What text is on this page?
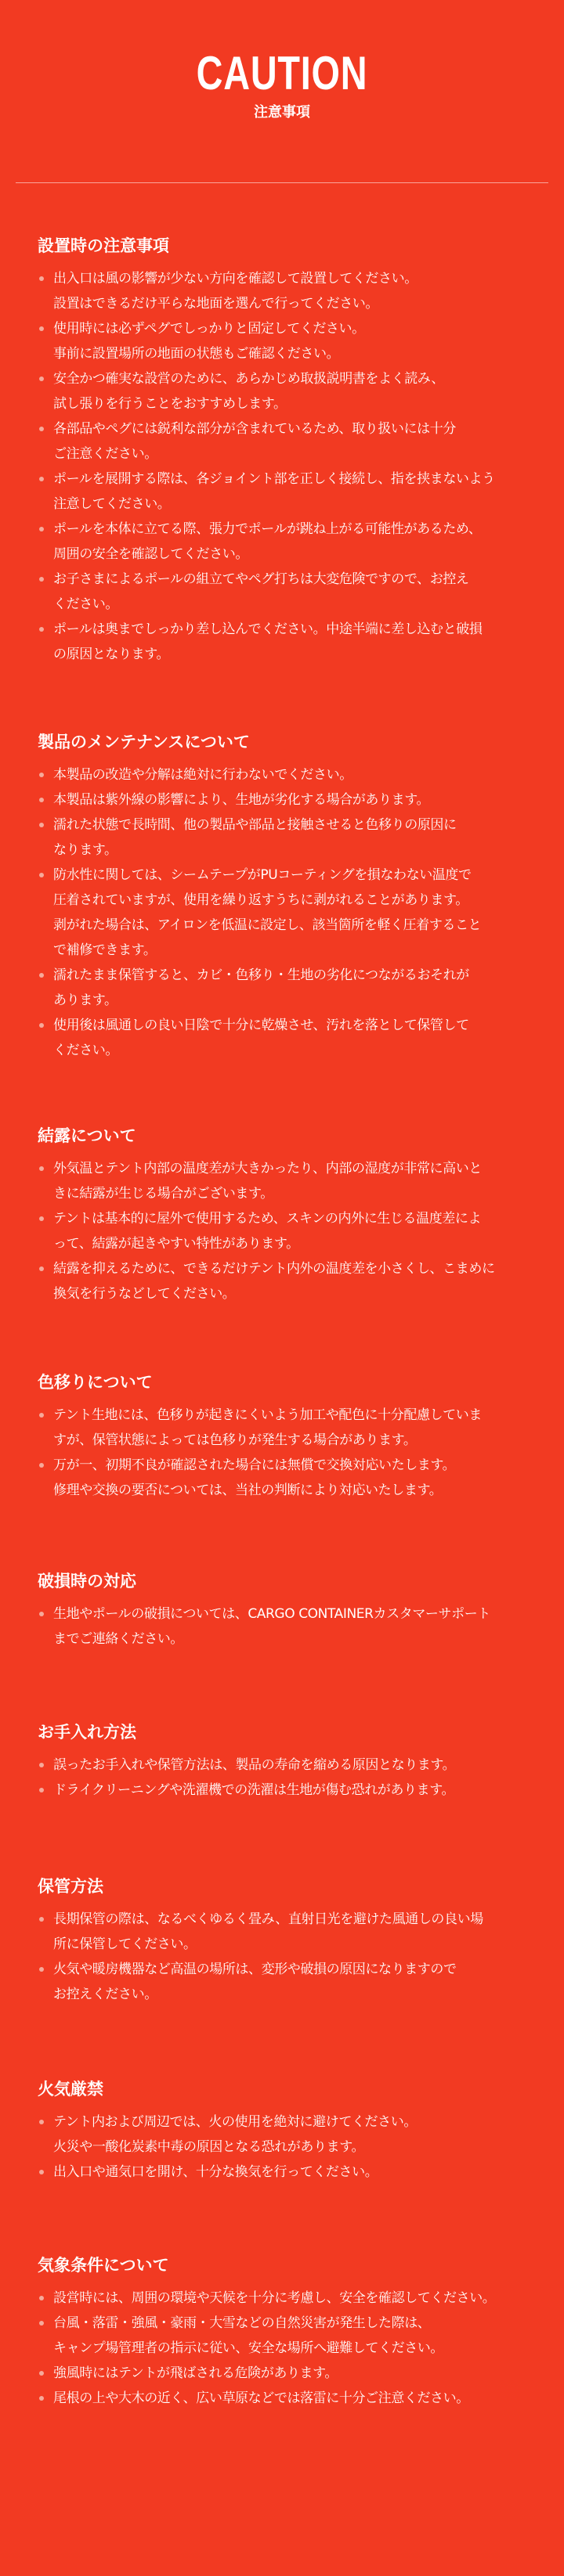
CAUTION
注意事項
設置時の注意事項
出入口は風の影響が少ない方向を確認して設置してください。
設置はできるだけ平らな地面を選んで行ってください。
使用時には必ずペグでしっかりと固定してください。
事前に設置場所の地面の状態もご確認ください。
安全かつ確実な設営のために、あらかじめ取扱説明書をよく読み、
試し張りを行うことをおすすめします。
各部品やペグには鋭利な部分が含まれているため、取り扱いには十分
ご注意ください。
ポールを展開する際は、各ジョイント部を正しく接続し、指を挟まないよう
注意してください。
ポールを本体に立てる際、張力でポールが跳ね上がる可能性があるため、
周囲の安全を確認してください。
お子さまによるポールの組立てやペグ打ちは大変危険ですので、お控え
ください。
ポールは奥までしっかり差し込んでください。中途半端に差し込むと破損
の原因となります。
製品のメンテナンスについて
本製品の改造や分解は絶対に行わないでください。
本製品は紫外線の影響により、生地が劣化する場合があります。
濡れた状態で長時間、他の製品や部品と接触させると色移りの原因に
なります。
防水性に関しては、シームテープがPUコーティングを損なわない温度で
圧着されていますが、使用を繰り返すうちに剥がれることがあります。
剥がれた場合は、アイロンを低温に設定し、該当箇所を軽く圧着すること
で補修できます。
濡れたまま保管すると、カビ・色移り・生地の劣化につながるおそれが
あります。
使用後は風通しの良い日陰で十分に乾燥させ、汚れを落として保管して
ください。
結露について
外気温とテント内部の温度差が大きかったり、内部の湿度が非常に高いと
きに結露が生じる場合がございます。
テントは基本的に屋外で使用するため、スキンの内外に生じる温度差によ
って、結露が起きやすい特性があります。
結露を抑えるために、できるだけテント内外の温度差を小さくし、こまめに
換気を行うなどしてください。
色移りについて
テント生地には、色移りが起きにくいよう加工や配色に十分配慮していま
すが、保管状態によっては色移りが発生する場合があります。
万が一、初期不良が確認された場合には無償で交換対応いたします。
修理や交換の要否については、当社の判断により対応いたします。
破損時の対応
生地やポールの破損については、CARGO CONTAINERカスタマーサポート
までご連絡ください。
お手入れ方法
誤ったお手入れや保管方法は、製品の寿命を縮める原因となります。
ドライクリーニングや洗濯機での洗濯は生地が傷む恐れがあります。
保管方法
長期保管の際は、なるべくゆるく畳み、直射日光を避けた風通しの良い場
所に保管してください。
火気や暖房機器など高温の場所は、変形や破損の原因になりますので
お控えください。
火気厳禁
テント内および周辺では、火の使用を絶対に避けてください。
火災や一酸化炭素中毒の原因となる恐れがあります。
出入口や通気口を開け、十分な換気を行ってください。
気象条件について
設営時には、周囲の環境や天候を十分に考慮し、安全を確認してください。
台風・落雷・強風・豪雨・大雪などの自然災害が発生した際は、
キャンプ場管理者の指示に従い、安全な場所へ避難してください。
強風時にはテントが飛ばされる危険があります。
尾根の上や大木の近く、広い草原などでは落雷に十分ご注意ください。
